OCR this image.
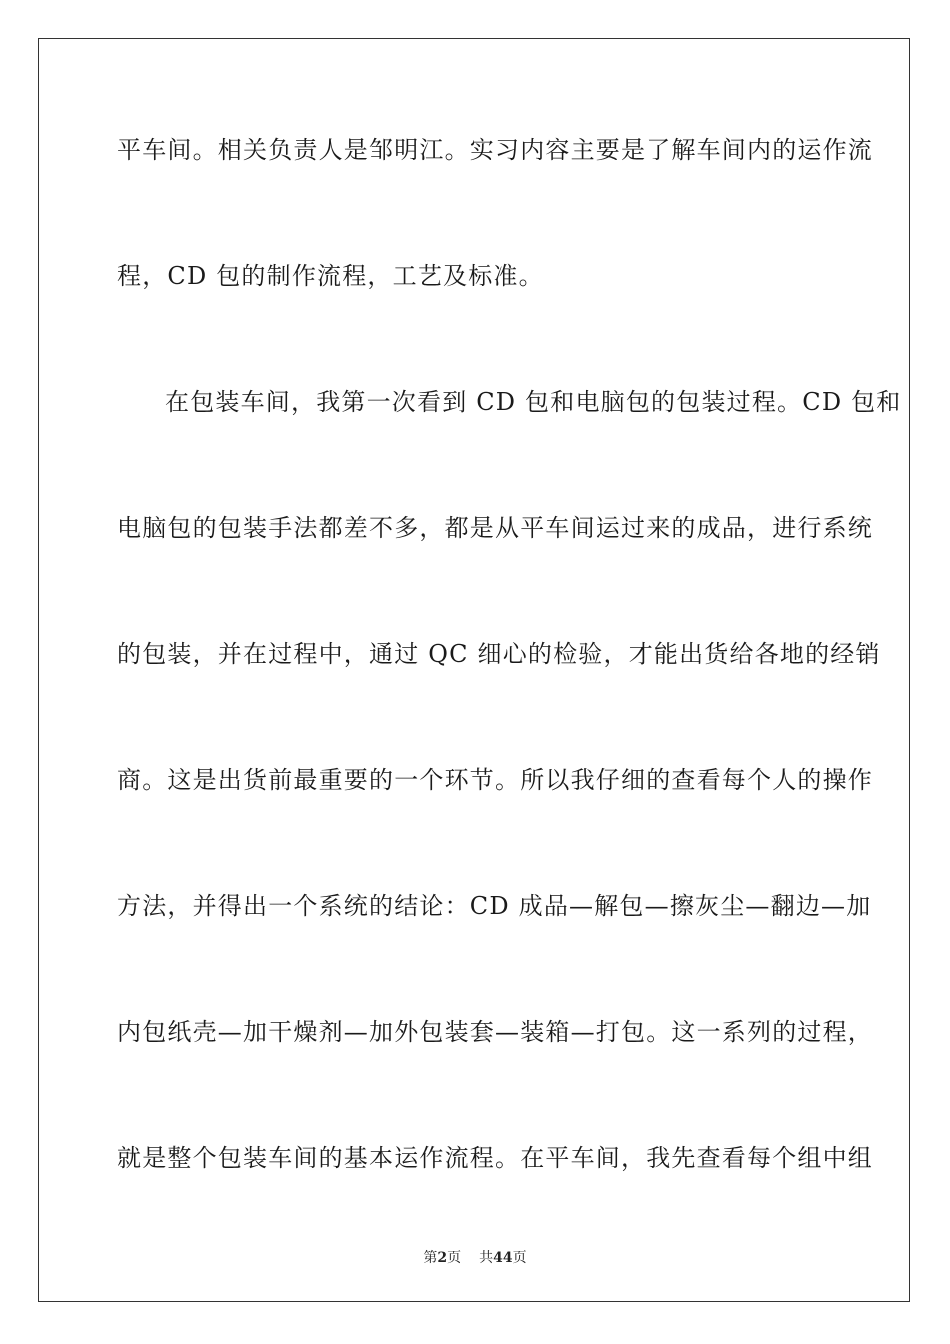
平车间。相关负责人是邹明江。实习内容主要是了解车间内的运作流
程，CD 包的制作流程，工艺及标准。
在包装车间，我第一次看到 CD 包和电脑包的包装过程。CD 包和
电脑包的包装手法都差不多，都是从平车间运过来的成品，进行系统
的包装，并在过程中，通过 QC 细心的检验，才能出货给各地的经销
商。这是出货前最重要的一个环节。所以我仔细的查看每个人的操作
方法，并得出一个系统的结论：CD 成品—解包—擦灰尘—翻边—加
内包纸壳—加干燥剂—加外包装套—装箱—打包。这一系列的过程，
就是整个包装车间的基本运作流程。在平车间，我先查看每个组中组
第2页 共44页
